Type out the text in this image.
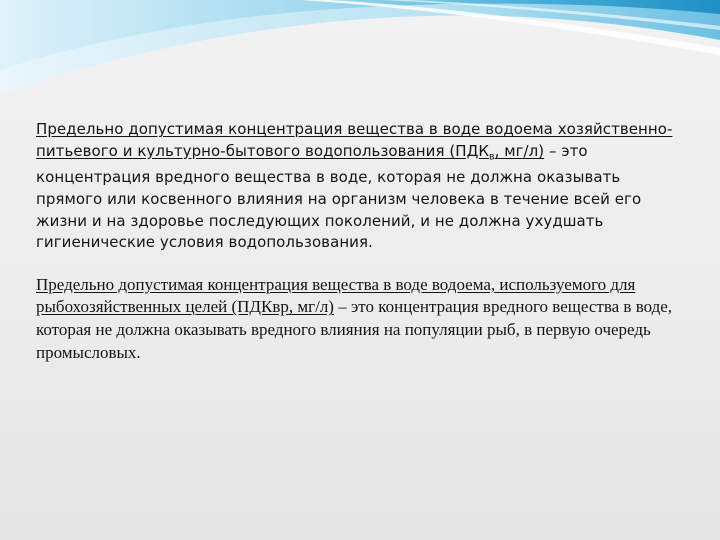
Предельно допустимая концентрация вещества в воде водоема хозяйственно-питьевого и культурно-бытового водопользования ($ПДК_в$, мг/л) – это концентрация вредного вещества в воде, которая не должна оказывать прямого или косвенного влияния на организм человека в течение всей его жизни и на здоровье последующих поколений, и не должна ухудшать гигиенические условия водопользования.

Предельно допустимая концентрация вещества в воде водоема, используемого для рыбохозяйственных целей (ПДКвр, мг/л) – это концентрация вредного вещества в воде, которая не должна оказывать вредного влияния на популяции рыб, в первую очередь промысловых.
